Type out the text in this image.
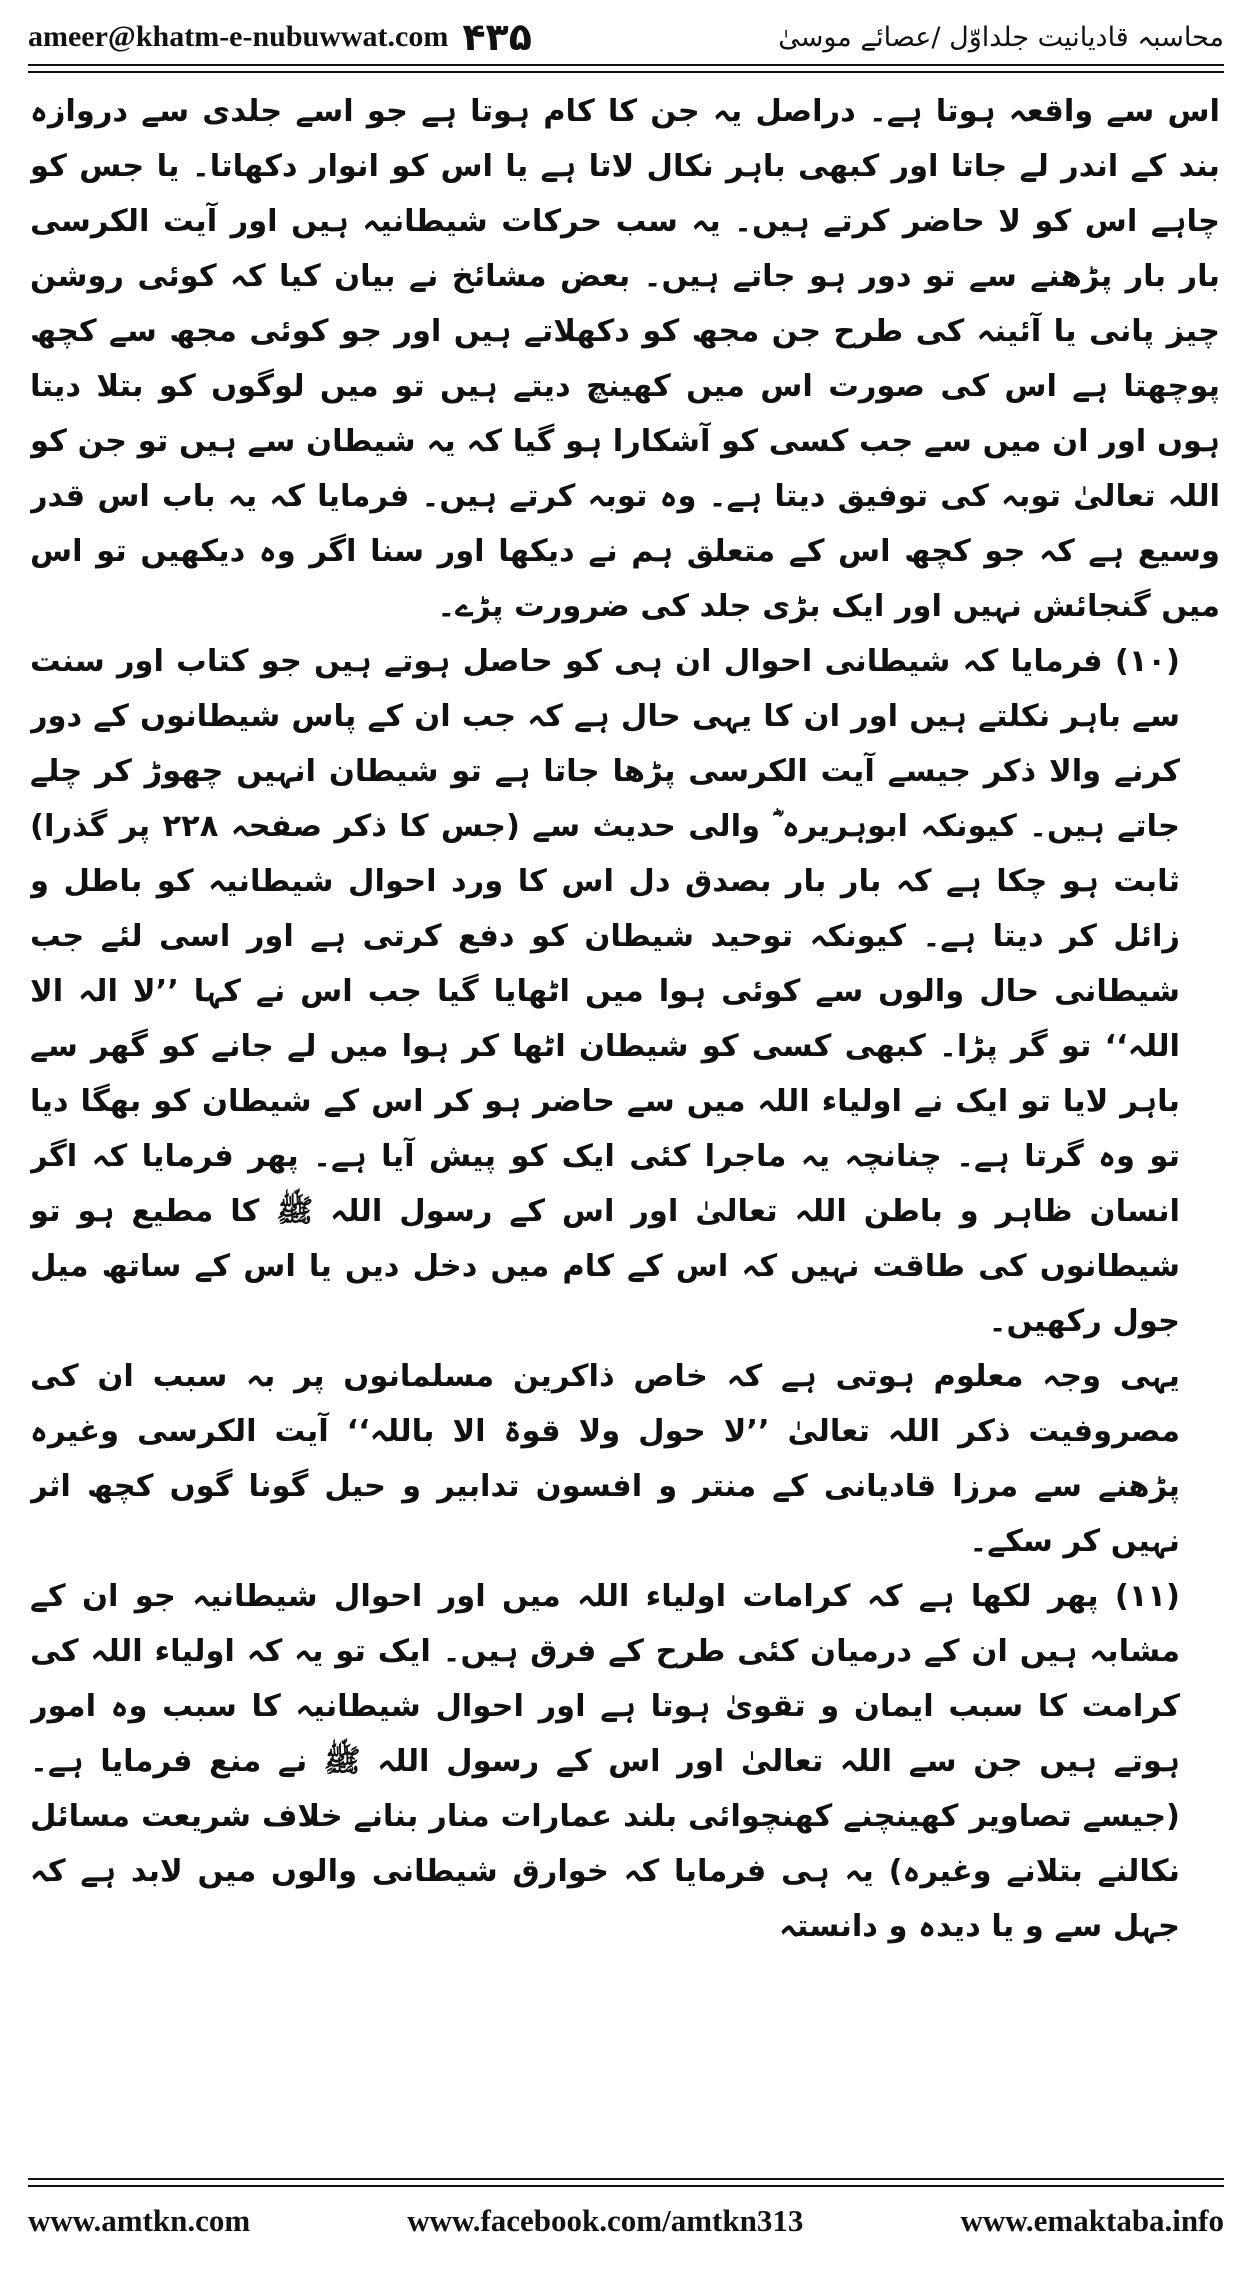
ameer@khatm-e-nubuwwat.com ۴۳۵	محاسبہ قادیانیت جلداوّل /عصائے موسیٰ

اس سے واقعہ ہوتا ہے۔ دراصل یہ جن کا کام ہوتا ہے جو اسے جلدی سے دروازہ بند کے اندر لے جاتا اور کبھی باہر نکال لاتا ہے یا اس کو انوار دکھاتا۔ یا جس کو چاہے اس کو لا حاضر کرتے ہیں۔ یہ سب حرکات شیطانیہ ہیں اور آیت الکرسی بار بار پڑھنے سے تو دور ہو جاتے ہیں۔ بعض مشائخ نے بیان کیا کہ کوئی روشن چیز پانی یا آئینہ کی طرح جن مجھ کو دکھلاتے ہیں اور جو کوئی مجھ سے کچھ پوچھتا ہے اس کی صورت اس میں کھینچ دیتے ہیں تو میں لوگوں کو بتلا دیتا ہوں اور ان میں سے جب کسی کو آشکارا ہو گیا کہ یہ شیطان سے ہیں تو جن کو اللہ تعالیٰ توبہ کی توفیق دیتا ہے۔ وہ توبہ کرتے ہیں۔ فرمایا کہ یہ باب اس قدر وسیع ہے کہ جو کچھ اس کے متعلق ہم نے دیکھا اور سنا اگر وہ دیکھیں تو اس میں گنجائش نہیں اور ایک بڑی جلد کی ضرورت پڑے۔

(۱۰) فرمایا کہ شیطانی احوال ان ہی کو حاصل ہوتے ہیں جو کتاب اور سنت سے باہر نکلتے ہیں اور ان کا یہی حال ہے کہ جب ان کے پاس شیطانوں کے دور کرنے والا ذکر جیسے آیت الکرسی پڑھا جاتا ہے تو شیطان انہیں چھوڑ کر چلے جاتے ہیں۔ کیونکہ ابوہریرہ ؓ والی حدیث سے (جس کا ذکر صفحہ ۲۲۸ پر گذرا) ثابت ہو چکا ہے کہ بار بار بصدق دل اس کا ورد احوال شیطانیہ کو باطل و زائل کر دیتا ہے۔ کیونکہ توحید شیطان کو دفع کرتی ہے اور اسی لئے جب شیطانی حال والوں سے کوئی ہوا میں اٹھایا گیا جب اس نے کہا ’’لا الہ الا اللہ‘‘ تو گر پڑا۔ کبھی کسی کو شیطان اٹھا کر ہوا میں لے جانے کو گھر سے باہر لایا تو ایک نے اولیاء اللہ میں سے حاضر ہو کر اس کے شیطان کو بھگا دیا تو وہ گرتا ہے۔ چنانچہ یہ ماجرا کئی ایک کو پیش آیا ہے۔ پھر فرمایا کہ اگر انسان ظاہر و باطن اللہ تعالیٰ اور اس کے رسول اللہ ﷺ کا مطیع ہو تو شیطانوں کی طاقت نہیں کہ اس کے کام میں دخل دیں یا اس کے ساتھ میل جول رکھیں۔

یہی وجہ معلوم ہوتی ہے کہ خاص ذاکرین مسلمانوں پر بہ سبب ان کی مصروفیت ذکر اللہ تعالیٰ ’’لا حول ولا قوۃ الا باللہ‘‘ آیت الکرسی وغیرہ پڑھنے سے مرزا قادیانی کے منتر و افسون تدابیر و حیل گونا گوں کچھ اثر نہیں کر سکے۔

(۱۱) پھر لکھا ہے کہ کرامات اولیاء اللہ میں اور احوال شیطانیہ جو ان کے مشابہ ہیں ان کے درمیان کئی طرح کے فرق ہیں۔ ایک تو یہ کہ اولیاء اللہ کی کرامت کا سبب ایمان و تقویٰ ہوتا ہے اور احوال شیطانیہ کا سبب وہ امور ہوتے ہیں جن سے اللہ تعالیٰ اور اس کے رسول اللہ ﷺ نے منع فرمایا ہے۔ (جیسے تصاویر کھینچنے کھنچوائی بلند عمارات منار بنانے خلاف شریعت مسائل نکالنے بتلانے وغیرہ) یہ ہی فرمایا کہ خوارق شیطانی والوں میں لابد ہے کہ جہل سے و یا دیدہ و دانستہ

www.amtkn.com	www.facebook.com/amtkn313	www.emaktaba.info
